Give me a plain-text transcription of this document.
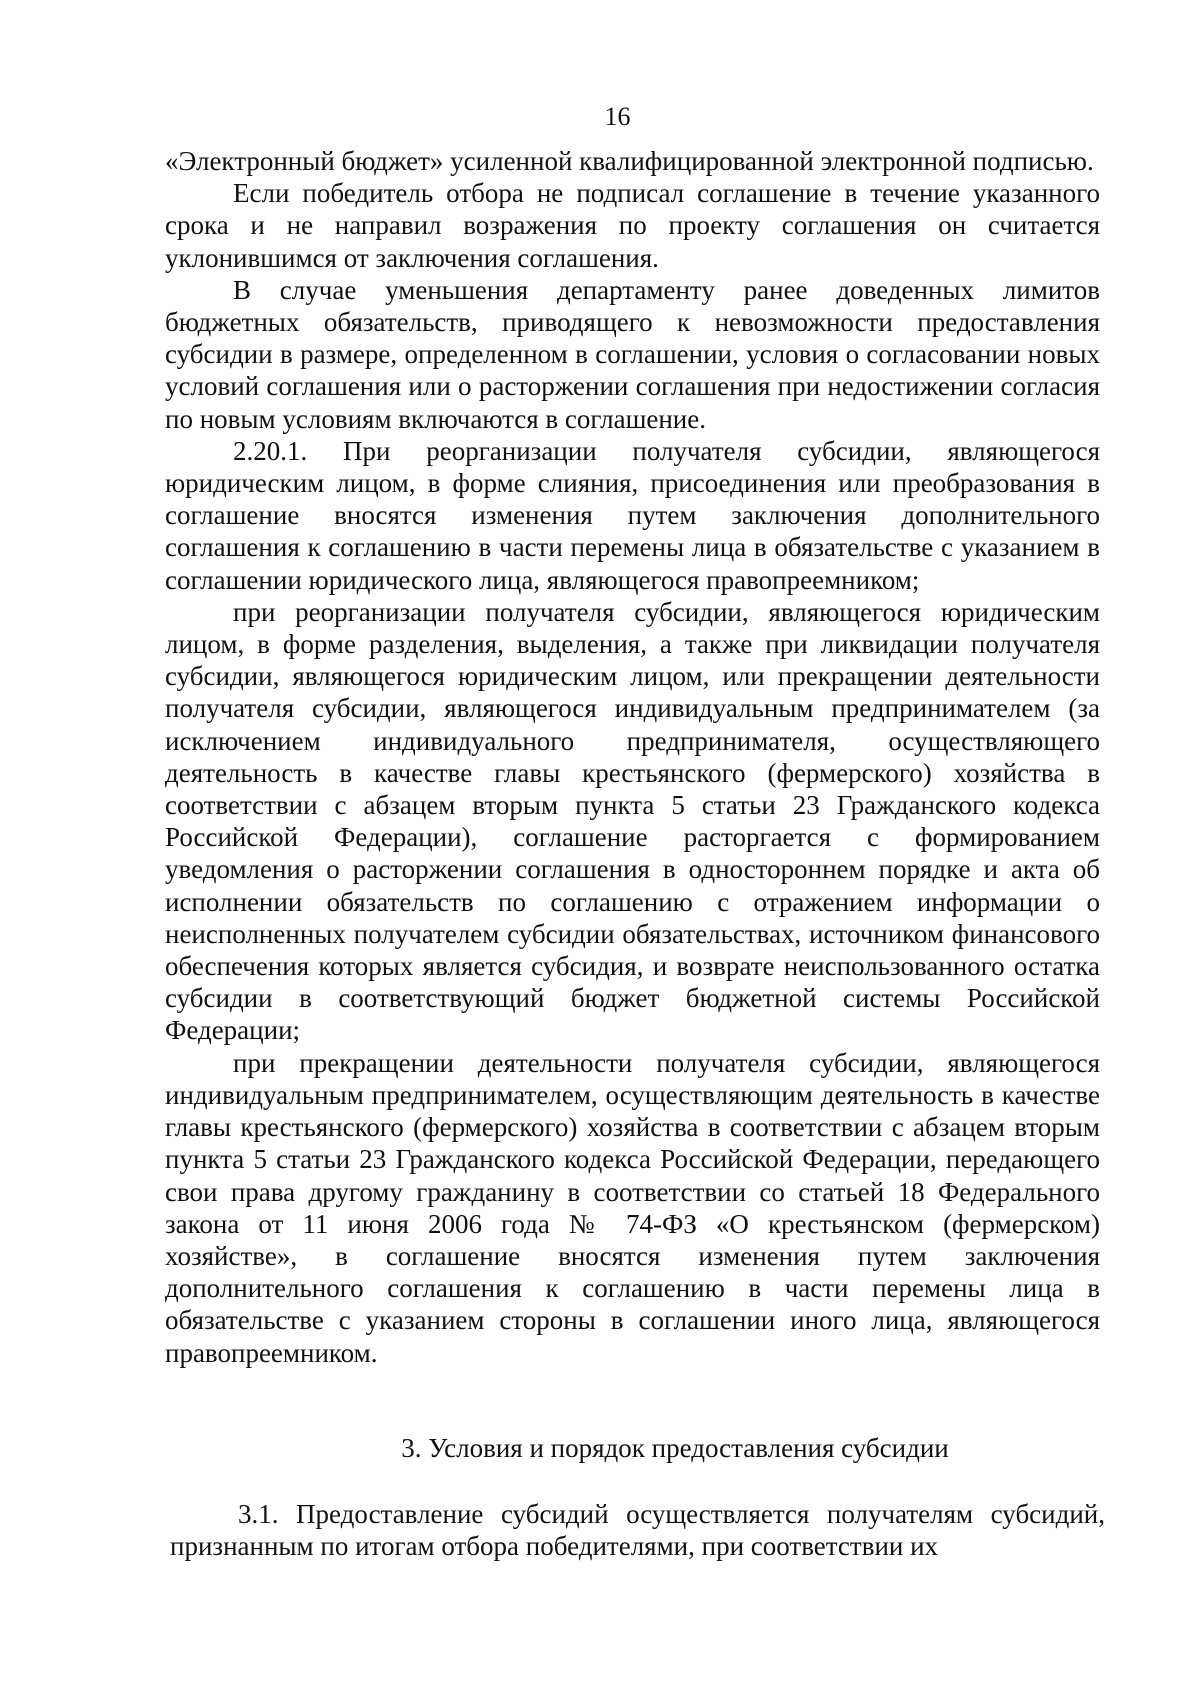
16

«Электронный бюджет» усиленной квалифицированной электронной подписью.

Если победитель отбора не подписал соглашение в течение указанного срока и не направил возражения по проекту соглашения он считается уклонившимся от заключения соглашения.

В случае уменьшения департаменту ранее доведенных лимитов бюджетных обязательств, приводящего к невозможности предоставления субсидии в размере, определенном в соглашении, условия о согласовании новых условий соглашения или о расторжении соглашения при недостижении согласия по новым условиям включаются в соглашение.

2.20.1. При реорганизации получателя субсидии, являющегося юридическим лицом, в форме слияния, присоединения или преобразования в соглашение вносятся изменения путем заключения дополнительного соглашения к соглашению в части перемены лица в обязательстве с указанием в соглашении юридического лица, являющегося правопреемником;

при реорганизации получателя субсидии, являющегося юридическим лицом, в форме разделения, выделения, а также при ликвидации получателя субсидии, являющегося юридическим лицом, или прекращении деятельности получателя субсидии, являющегося индивидуальным предпринимателем (за исключением индивидуального предпринимателя, осуществляющего деятельность в качестве главы крестьянского (фермерского) хозяйства в соответствии с абзацем вторым пункта 5 статьи 23 Гражданского кодекса Российской Федерации), соглашение расторгается с формированием уведомления о расторжении соглашения в одностороннем порядке и акта об исполнении обязательств по соглашению с отражением информации о неисполненных получателем субсидии обязательствах, источником финансового обеспечения которых является субсидия, и возврате неиспользованного остатка субсидии в соответствующий бюджет бюджетной системы Российской Федерации;

при прекращении деятельности получателя субсидии, являющегося индивидуальным предпринимателем, осуществляющим деятельность в качестве главы крестьянского (фермерского) хозяйства в соответствии с абзацем вторым пункта 5 статьи 23 Гражданского кодекса Российской Федерации, передающего свои права другому гражданину в соответствии со статьей 18 Федерального закона от 11 июня 2006 года № 74-ФЗ «О крестьянском (фермерском) хозяйстве», в соглашение вносятся изменения путем заключения дополнительного соглашения к соглашению в части перемены лица в обязательстве с указанием стороны в соглашении иного лица, являющегося правопреемником.

3. Условия и порядок предоставления субсидии

3.1. Предоставление субсидий осуществляется получателям субсидий, признанным по итогам отбора победителями, при соответствии их
